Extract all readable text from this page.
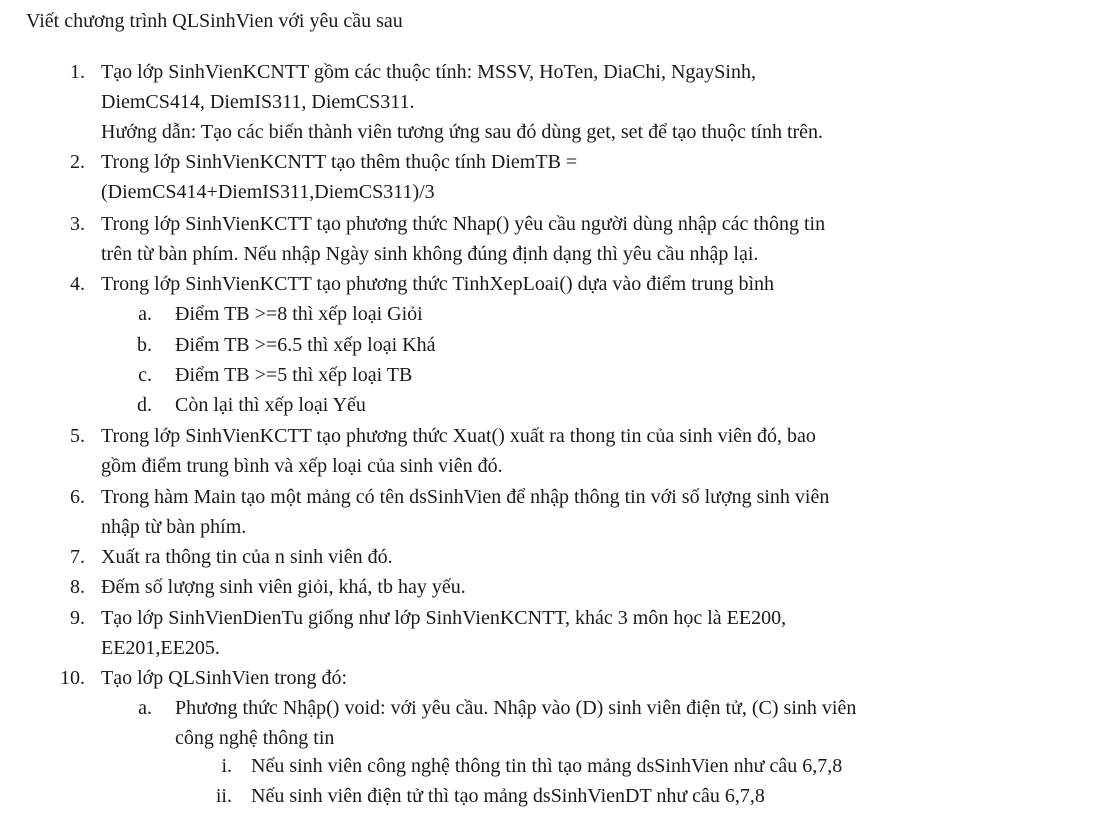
Viết chương trình QLSinhVien với yêu cầu sau
1. Tạo lớp SinhVienKCNTT gồm các thuộc tính: MSSV, HoTen, DiaChi, NgaySinh,
DiemCS414, DiemIS311, DiemCS311.
Hướng dẫn: Tạo các biến thành viên tương ứng sau đó dùng get, set để tạo thuộc tính trên.
2. Trong lớp SinhVienKCNTT tạo thêm thuộc tính DiemTB =
(DiemCS414+DiemIS311,DiemCS311)/3
3. Trong lớp SinhVienKCTT tạo phương thức Nhap() yêu cầu người dùng nhập các thông tin
trên từ bàn phím. Nếu nhập Ngày sinh không đúng định dạng thì yêu cầu nhập lại.
4. Trong lớp SinhVienKCTT tạo phương thức TinhXepLoai() dựa vào điểm trung bình
a. Điểm TB >=8 thì xếp loại Giỏi
b. Điểm TB >=6.5 thì xếp loại Khá
c. Điểm TB >=5 thì xếp loại TB
d. Còn lại thì xếp loại Yếu
5. Trong lớp SinhVienKCTT tạo phương thức Xuat() xuất ra thong tin của sinh viên đó, bao
gồm điểm trung bình và xếp loại của sinh viên đó.
6. Trong hàm Main tạo một mảng có tên dsSinhVien để nhập thông tin với số lượng sinh viên
nhập từ bàn phím.
7. Xuất ra thông tin của n sinh viên đó.
8. Đếm số lượng sinh viên giỏi, khá, tb hay yếu.
9. Tạo lớp SinhVienDienTu giống như lớp SinhVienKCNTT, khác 3 môn học là EE200,
EE201,EE205.
10. Tạo lớp QLSinhVien trong đó:
a. Phương thức Nhập() void: với yêu cầu. Nhập vào (D) sinh viên điện tử, (C) sinh viên
công nghệ thông tin
i. Nếu sinh viên công nghệ thông tin thì tạo mảng dsSinhVien như câu 6,7,8
ii. Nếu sinh viên điện tử thì tạo mảng dsSinhVienDT như câu 6,7,8
